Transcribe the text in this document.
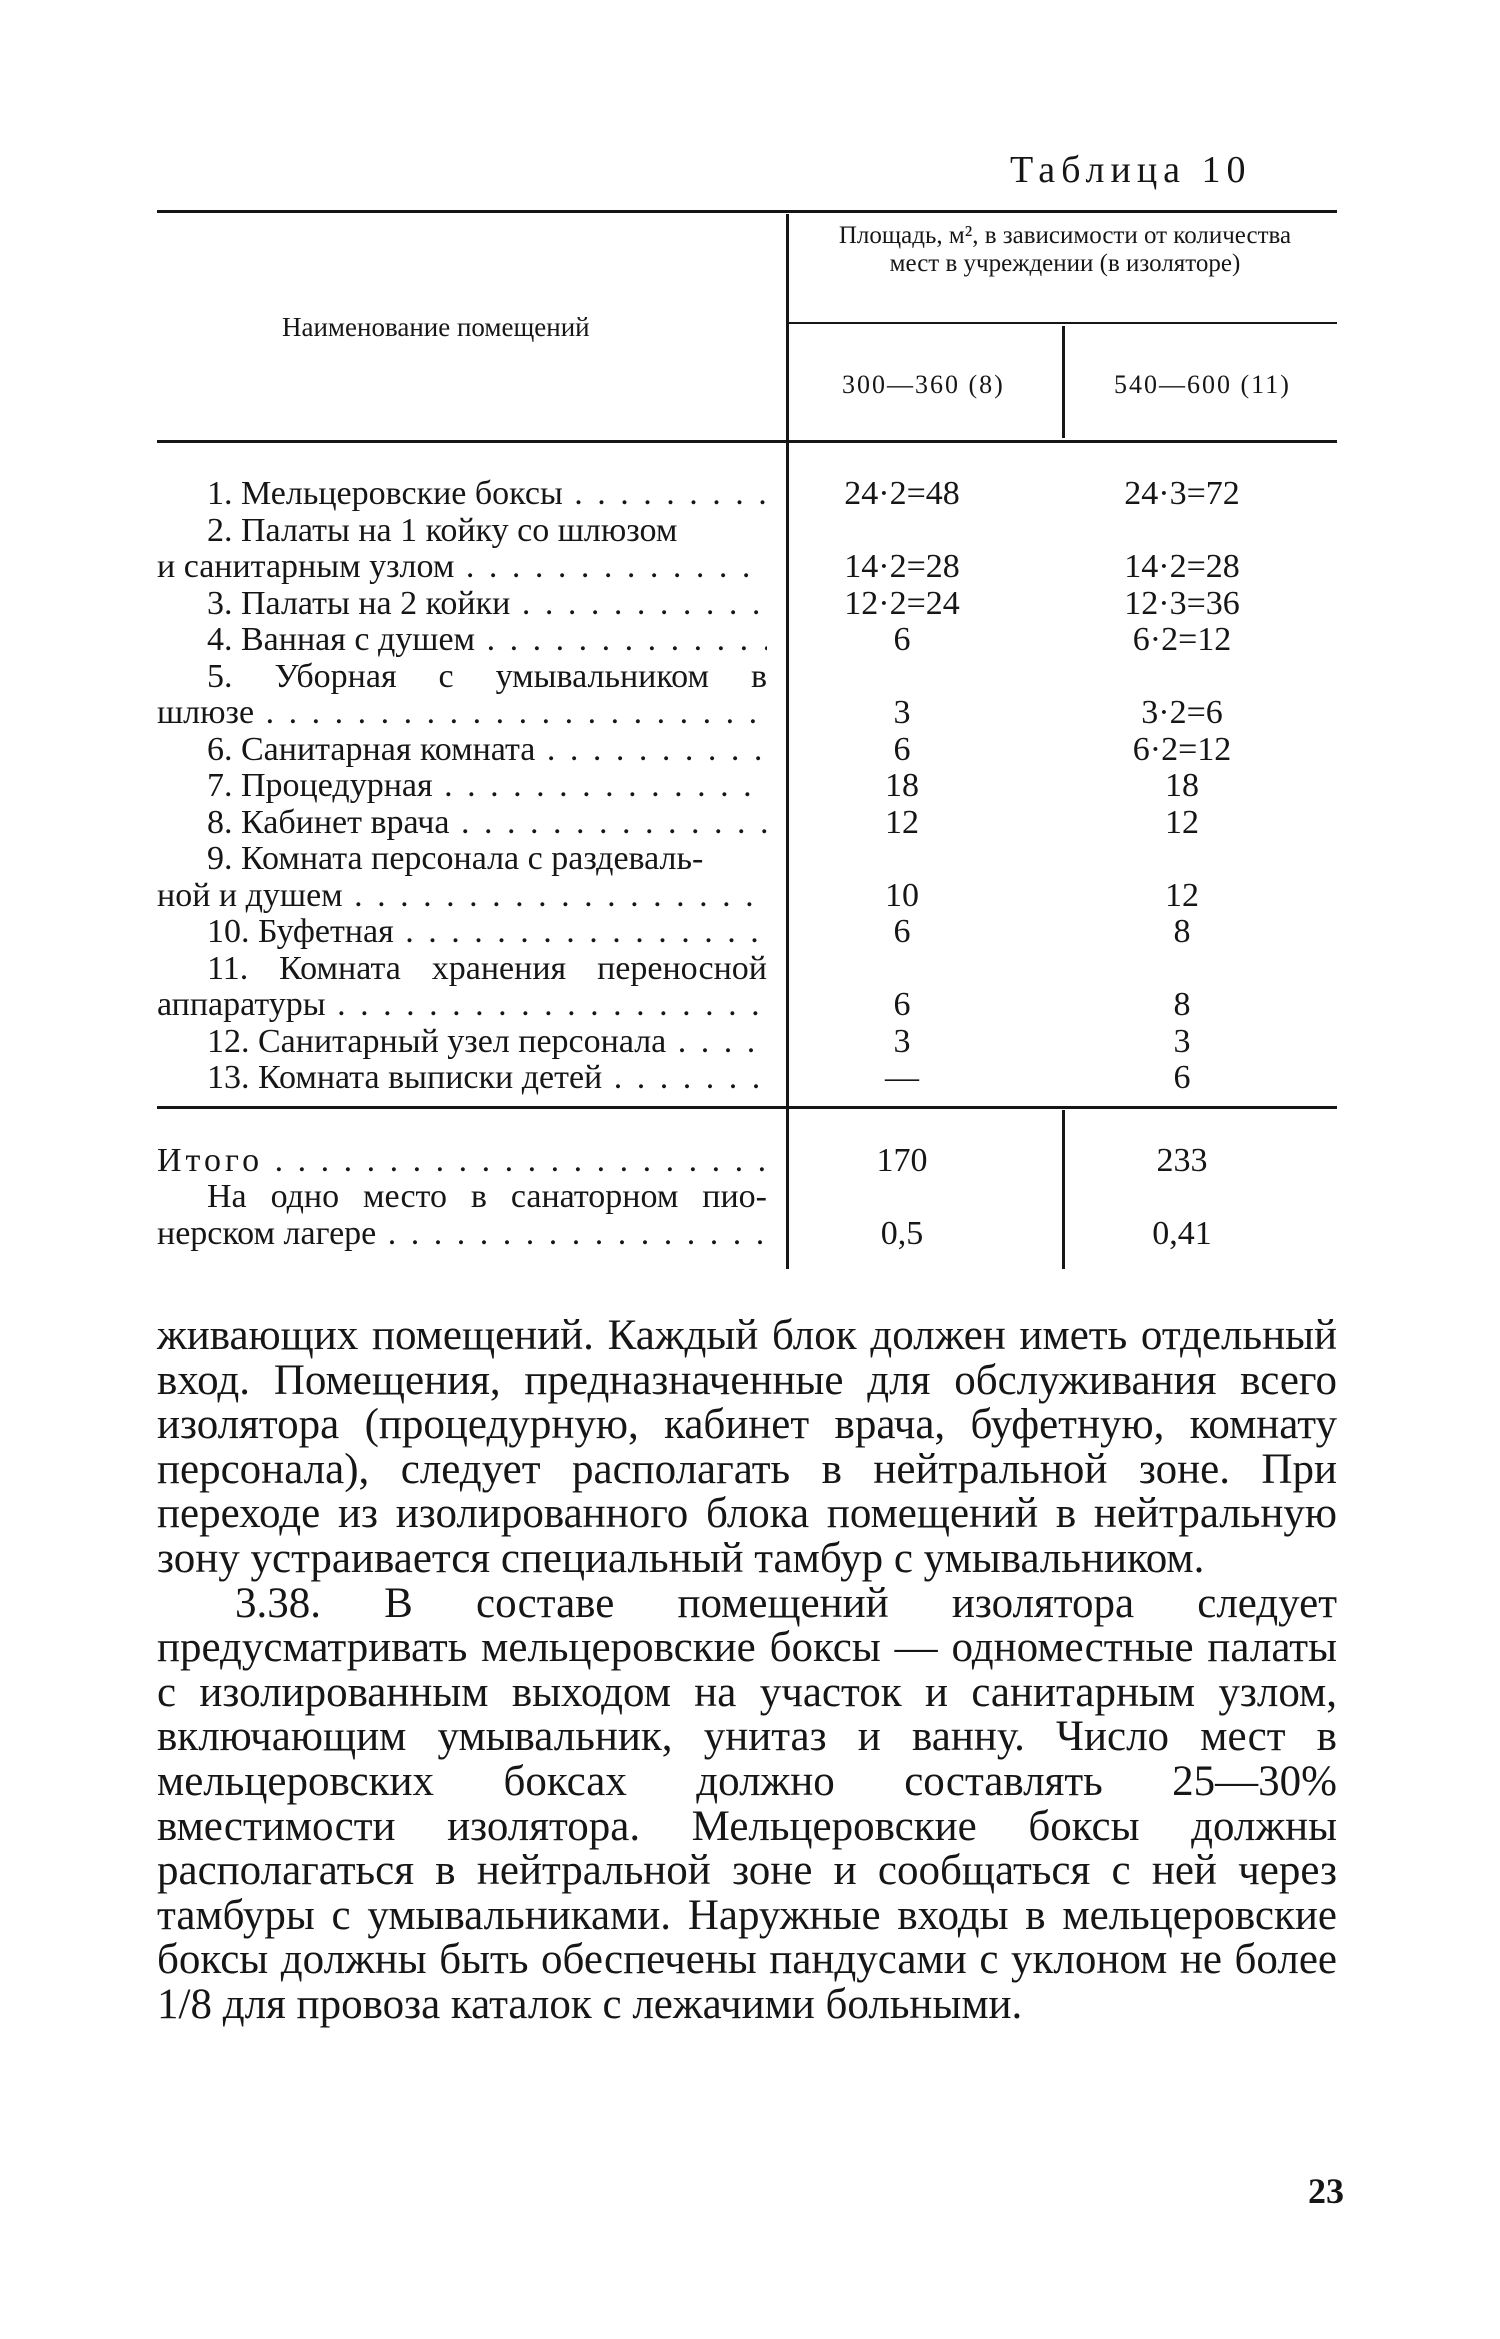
Таблица 10
Наименование помещений
Площадь, м², в зависимости от количества мест в учреждении (в изоляторе)
300—360 (8)	540—600 (11)
1. Мельцеровские боксы . . .	24·2=48	24·3=72
2. Палаты на 1 койку со шлюзом
и санитарным узлом . . .	14·2=28	14·2=28
3. Палаты на 2 койки . . .	12·2=24	12·3=36
4. Ванная с душем . . .	6	6·2=12
5. Уборная с умывальником в
шлюзе . . .	3	3·2=6
6. Санитарная комната . . .	6	6·2=12
7. Процедурная . . .	18	18
8. Кабинет врача . . .	12	12
9. Комната персонала с раздеваль-
ной и душем . . .	10	12
10. Буфетная . . .	6	8
11. Комната хранения переносной
аппаратуры . . .	6	8
12. Санитарный узел персонала . . .	3	3
13. Комната выписки детей . . .	—	6
Итого . . .	170	233
На одно место в санаторном пио-
нерском лагере . . .	0,5	0,41

живающих помещений. Каждый блок должен иметь отдельный вход. Помещения, предназначенные для обслуживания всего изолятора (процедурную, кабинет врача, буфетную, комнату персонала), следует располагать в нейтральной зоне. При переходе из изолированного блока помещений в нейтральную зону устраивается специальный тамбур с умывальником.

3.38. В составе помещений изолятора следует предусматривать мельцеровские боксы — одноместные палаты с изолированным выходом на участок и санитарным узлом, включающим умывальник, унитаз и ванну. Число мест в мельцеровских боксах должно составлять 25—30% вместимости изолятора. Мельцеровские боксы должны располагаться в нейтральной зоне и сообщаться с ней через тамбуры с умывальниками. Наружные входы в мельцеровские боксы должны быть обеспечены пандусами с уклоном не более 1/8 для провоза каталок с лежачими больными.

23
